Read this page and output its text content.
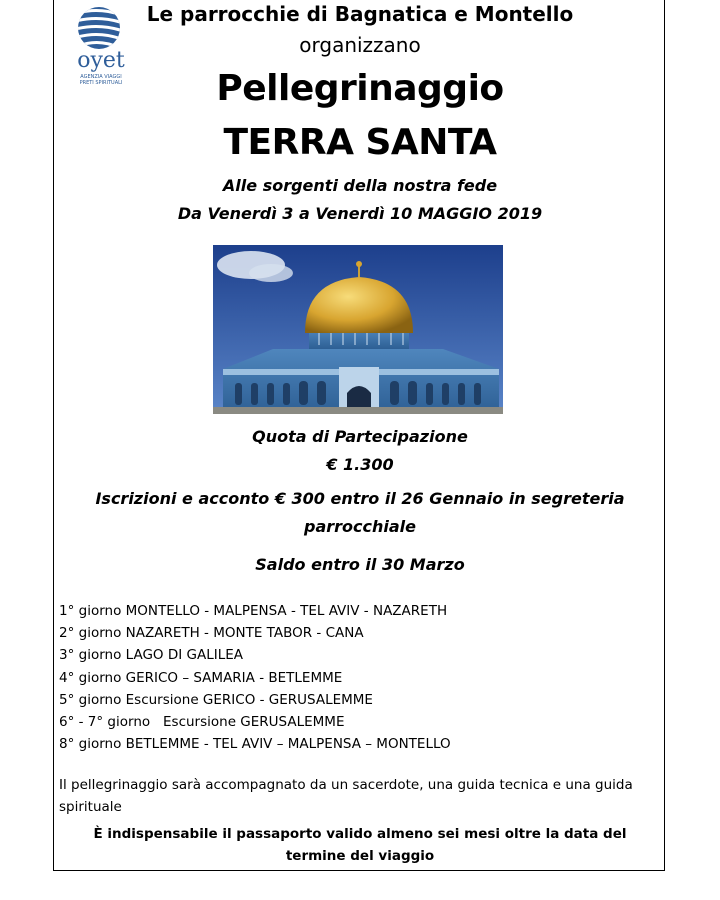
oyet
AGENZIA VIAGGI
PRETI SPIRITUALI
Le parrocchie di Bagnatica e Montello
organizzano
Pellegrinaggio
TERRA SANTA
Alle sorgenti della nostra fede
Da Venerdì 3 a Venerdì 10 MAGGIO 2019
Quota di Partecipazione
€ 1.300
Iscrizioni e acconto € 300 entro il 26 Gennaio in segreteria
parrocchiale
Saldo entro il 30 Marzo
1° giorno MONTELLO - MALPENSA - TEL AVIV - NAZARETH
2° giorno NAZARETH - MONTE TABOR - CANA
3° giorno LAGO DI GALILEA
4° giorno GERICO – SAMARIA - BETLEMME
5° giorno Escursione GERICO - GERUSALEMME
6° - 7° giorno   Escursione GERUSALEMME
8° giorno BETLEMME - TEL AVIV – MALPENSA – MONTELLO
Il pellegrinaggio sarà accompagnato da un sacerdote, una guida tecnica e una guida spirituale
È indispensabile il passaporto valido almeno sei mesi oltre la data del
termine del viaggio
